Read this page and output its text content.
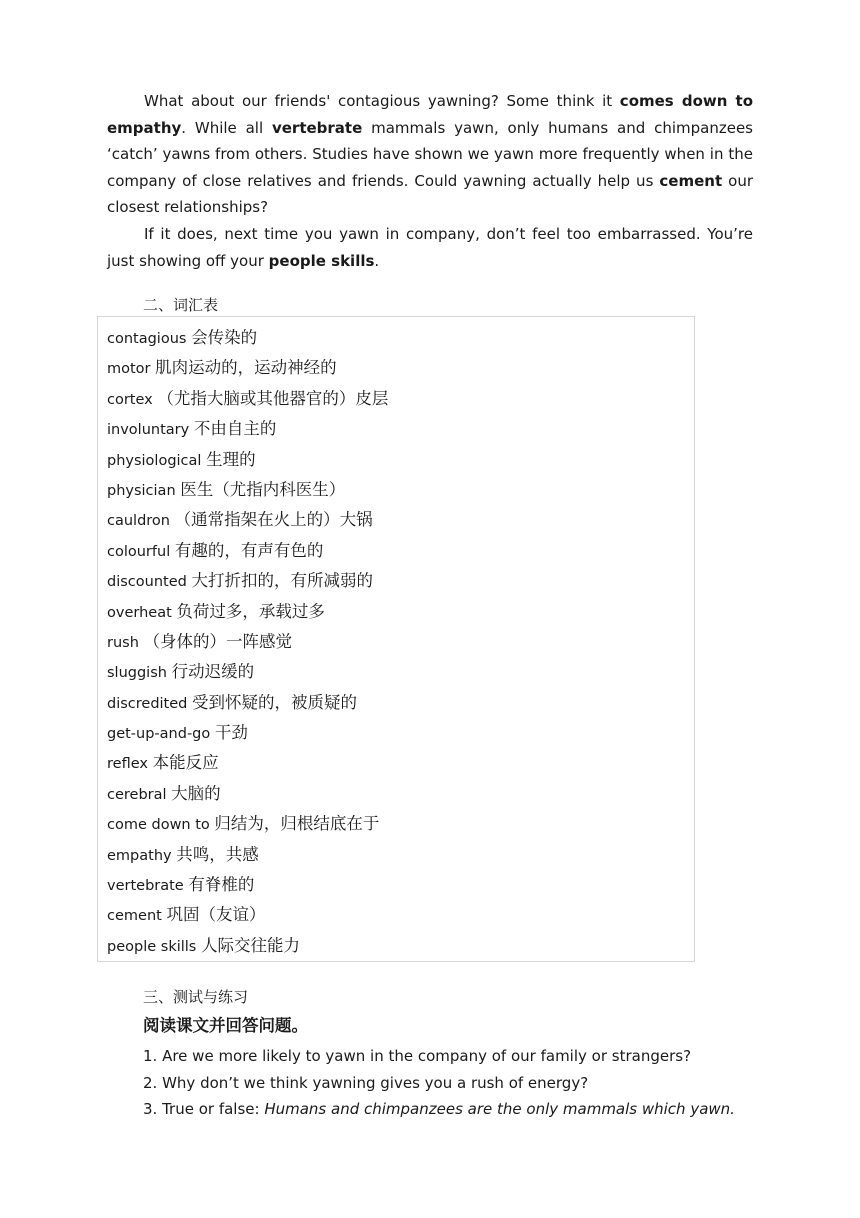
What about our friends' contagious yawning? Some think it comes down to empathy. While all vertebrate mammals yawn, only humans and chimpanzees ‘catch’ yawns from others. Studies have shown we yawn more frequently when in the company of close relatives and friends. Could yawning actually help us cement our closest relationships?

If it does, next time you yawn in company, don’t feel too embarrassed. You’re just showing off your people skills.

二、词汇表

contagious 会传染的
motor 肌肉运动的，运动神经的
cortex （尤指大脑或其他器官的）皮层
involuntary 不由自主的
physiological 生理的
physician 医生（尤指内科医生）
cauldron （通常指架在火上的）大锅
colourful 有趣的，有声有色的
discounted 大打折扣的，有所减弱的
overheat 负荷过多，承载过多
rush （身体的）一阵感觉
sluggish 行动迟缓的
discredited 受到怀疑的，被质疑的
get-up-and-go 干劲
reflex 本能反应
cerebral 大脑的
come down to 归结为，归根结底在于
empathy 共鸣，共感
vertebrate 有脊椎的
cement 巩固（友谊）
people skills 人际交往能力

三、测试与练习

阅读课文并回答问题。

1. Are we more likely to yawn in the company of our family or strangers?
2. Why don’t we think yawning gives you a rush of energy?
3. True or false: Humans and chimpanzees are the only mammals which yawn.
